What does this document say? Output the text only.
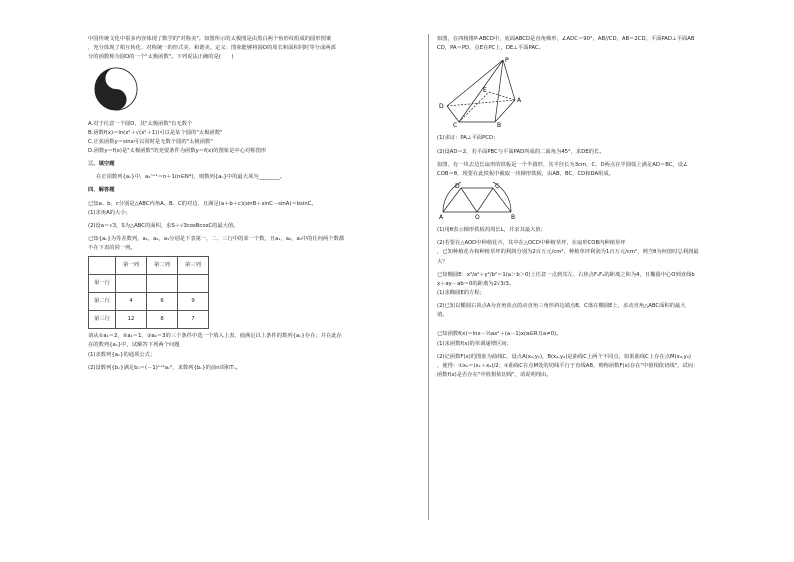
中国传统文化中很多内容体现了数学的"对称美"。如图所示的太极图是由黑白两个鱼形纹组成的圆形图案

，充分体现了相互转化、对称统一的形式美、和谐美。定义：图象能够将圆O的周长和面积同时等分成两部

分的函数称为圆O的一个"太极函数"。下列说法正确的是(　　)

A.对于任意一个圆O，其"太极函数"有无数个

B.函数f(x)＝ln(x²＋√(x²＋1))可以是某个圆的"太极函数"

C.正弦函数y＝sinx可以同时是无数个圆的"太极函数"

D.函数y＝f(x)是"太极函数"的充要条件为函数y＝f(x)的图象是中心对称图形

三、填空题

在正项数列{aₙ}中，a₁ⁿ⁺¹＝n＋1(n∈N*)，则数列{aₙ}中的最大项为________。

四、解答题

已知a、b、c分别是△ABC内角A、B、C的对边，且满足(a＋b＋c)(sinB＋sinC－sinA)＝bsinC。

(1)求角A的大小；

(2)设a＝√3，S为△ABC的面积，求S＋√3cosBcosC的最大值。

已知{aₙ}为等差数列，a₁，a₂，a₃分别是下表第一、二、三行中的某一个数，且a₁，a₂，a₃中的任何两个数都

不在下表的同一列。

	第一列	第二列	第三列
第一行			
第二行	4	6	9
第三行	12	8	7

请从①a₁＝2，②a₁＝1，③a₂＝3的三个条件中选一个填入上表，使满足以上条件的数列{aₙ}存在；并在此存

在的数列{aₙ}中，试解答下列两个问题

(1)求数列{aₙ}的通项公式；

(2)设数列{bₙ}满足bₙ＝(－1)ⁿ⁺¹aₙ²，求数列{bₙ}的前n项和Tₙ。

如图，在四棱锥P-ABCD中，底面ABCD是直角梯形，∠ADC＝90°，AB//CD，AB＝2CD。平面PAD⊥平面AB

CD，PA＝PD，点E在PC上，DE⊥平面PAC。

P
E
D
A
C	B

(1)求证：PA⊥平面PCD；

(2)设AD＝2，若平面PBC与平面PAD所成的二面角为45°，求DE的长。

如图，有一块去边长扇形的铁板是一个半圆形，其半径长为3cm，C，D两点在半圆弧上满足AD＝BC，设∠

COB＝θ，现要在此铁板中截取一块梯形铁板，由AB，BC，CD和DA组成。

A	O	B
D	C

(1)用θ表示梯形铁板的周长L，并求其最大值；

(2)若要在△AOD中种植花卉，其中在△OCD中种植草坪，在扇形COB内种植草坪

，已知种植花卉和种植草坪的利润分别为2百万元/cm²，种植草坪利润为1百万元/cm²，则当θ为何值时总利润最

大？

已知椭圆E：x²/a²＋y²/b²＝1(a＞b＞0)上任意一点到其左、右焦点F₁F₂的距离之和为4，且椭圆中心O到直线b

x＋ay－ab＝0的距离为2√3/3。

(1)求椭圆E的方程；

(2)已知以椭圆右顶点A为直角顶点的动直角三角形斜边端点B，C落在椭圆E上，求动直角△ABC面积的最大

值。

已知函数f(x)＝lnx－½ax²＋(a－1)x(a∈R且a≠0)。

(1)求函数f(x)的单调递增区间；

(2)记函数F(x)的图象为曲线C，设点A(x₁,y₁)，B(x₂,y₂)是曲线C上两个不同点，如果曲线C上存在点M(x₀,y₀)

，使得：①x₀＝(x₁＋x₂)/2；②曲线C在点M处的切线平行于直线AB，则称函数F(x)存在"中值相依切线"，试问：

函数f(x)是否存在"中值相依切线"，请说明理由。
